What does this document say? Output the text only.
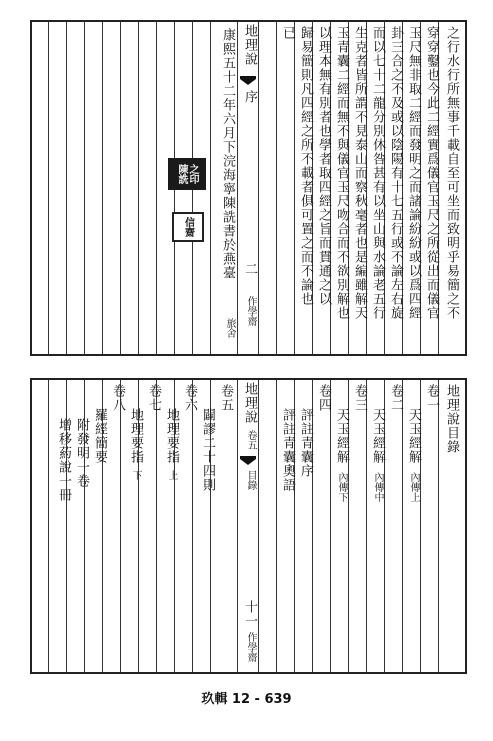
之行水行所無事千載自至可坐而致明乎易簡之不
穿穿鑿也今此二經實爲儀官玉尺之所從出而儀官
玉尺無非取二經而發明之而諸論紛紛或以爲四經
卦三合之不及或以陰陽有十七五行或不論左右旋
而以七十二龍分別休咎甚有以坐山與水論老五行
生克者皆所謂不見泰山而察秋毫者也是編雖解天
玉青囊二經而無不與儀官玉尺吻合而不欲別解也
以理本無有別者也學者取四經之旨而貫通之以
歸易簡則凡四經之所不載者俱可置之而不論也
已
地理說
序
二
作學齋
康熙五十二年六月下浣海寧陳詵書於燕臺
旅舍
陳詵 之印
信齋
地理說目錄
卷一
天玉經解
內傳上
卷二
天玉經解
內傳中
卷三
天玉經解
內傳下
卷四
評註青囊序
評註青囊奧語
地理說
卷五
目錄
十一
作學齋
卷五
闢謬二十四則
卷六
地理要指
上
卷七
地理要指
下
卷八
羅經簡要
附發明一卷
增移葯說一冊
玖輯 12 - 639
